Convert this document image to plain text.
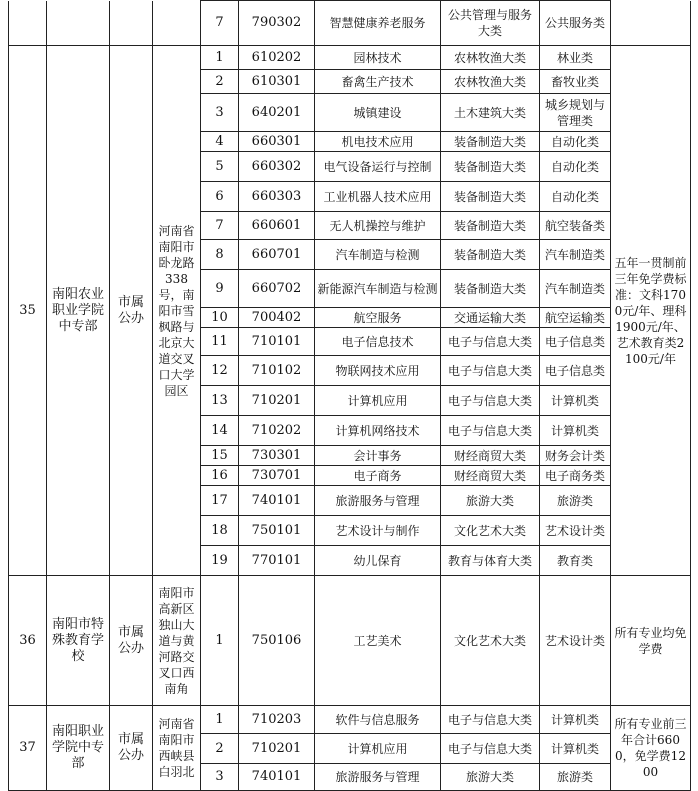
				7	790302	智慧健康养老服务	公共管理与服务大类	公共服务类	
35	南阳农业职业学院中专部	市属公办	河南省南阳市卧龙路338号，南阳市雪枫路与北京大道交叉口大学园区	1	610202	园林技术	农林牧渔大类	林业类	五年一贯制前三年免学费标准：文科1700元/年、理科1900元/年、艺术教育类2100元/年
				2	610301	畜禽生产技术	农林牧渔大类	畜牧业类	
				3	640201	城镇建设	土木建筑大类	城乡规划与管理类	
				4	660301	机电技术应用	装备制造大类	自动化类	
				5	660302	电气设备运行与控制	装备制造大类	自动化类	
				6	660303	工业机器人技术应用	装备制造大类	自动化类	
				7	660601	无人机操控与维护	装备制造大类	航空装备类	
				8	660701	汽车制造与检测	装备制造大类	汽车制造类	
				9	660702	新能源汽车制造与检测	装备制造大类	汽车制造类	
				10	700402	航空服务	交通运输大类	航空运输类	
				11	710101	电子信息技术	电子与信息大类	电子信息类	
				12	710102	物联网技术应用	电子与信息大类	电子信息类	
				13	710201	计算机应用	电子与信息大类	计算机类	
				14	710202	计算机网络技术	电子与信息大类	计算机类	
				15	730301	会计事务	财经商贸大类	财务会计类	
				16	730701	电子商务	财经商贸大类	电子商务类	
				17	740101	旅游服务与管理	旅游大类	旅游类	
				18	750101	艺术设计与制作	文化艺术大类	艺术设计类	
				19	770101	幼儿保育	教育与体育大类	教育类	
36	南阳市特殊教育学校	市属公办	南阳市高新区独山大道与黄河路交叉口西南角	1	750106	工艺美术	文化艺术大类	艺术设计类	所有专业均免学费
37	南阳职业学院中专部	市属公办	河南省南阳市西峡县白羽北	1	710203	软件与信息服务	电子与信息大类	计算机类	所有专业前三年合计6600，免学费1200
				2	710201	计算机应用	电子与信息大类	计算机类	
				3	740101	旅游服务与管理	旅游大类	旅游类	
